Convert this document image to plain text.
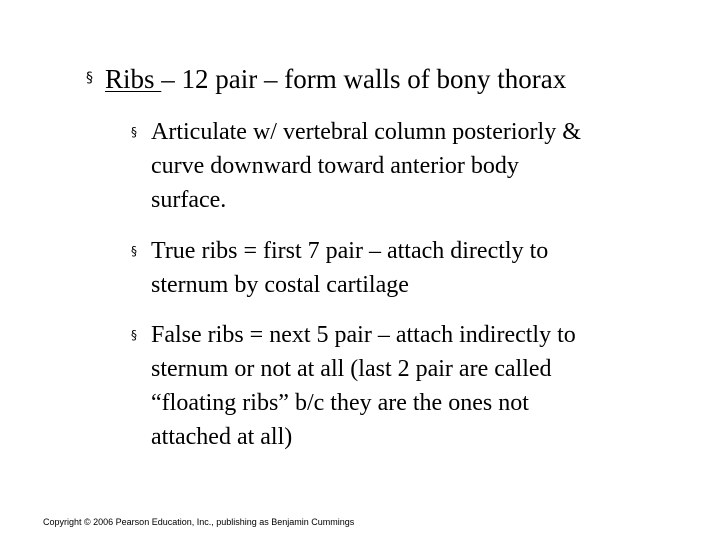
§ Ribs – 12 pair – form walls of bony thorax
§ Articulate w/ vertebral column posteriorly &
curve downward toward anterior body
surface.
§ True ribs = first 7 pair – attach directly to
sternum by costal cartilage
§ False ribs = next 5 pair – attach indirectly to
sternum or not at all (last 2 pair are called
“floating ribs” b/c they are the ones not
attached at all)
Copyright © 2006 Pearson Education, Inc., publishing as Benjamin Cummings
